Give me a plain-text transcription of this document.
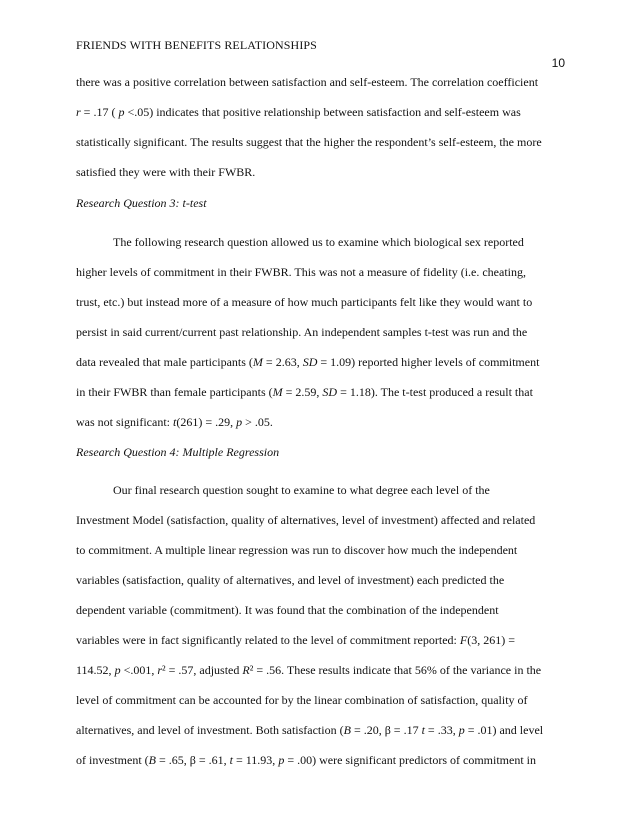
FRIENDS WITH BENEFITS RELATIONSHIPS
10
there was a positive correlation between satisfaction and self-esteem. The correlation coefficient
r = .17 ( p <.05) indicates that positive relationship between satisfaction and self-esteem was
statistically significant. The results suggest that the higher the respondent’s self-esteem, the more
satisfied they were with their FWBR.
Research Question 3: t-test
The following research question allowed us to examine which biological sex reported
higher levels of commitment in their FWBR. This was not a measure of fidelity (i.e. cheating,
trust, etc.) but instead more of a measure of how much participants felt like they would want to
persist in said current/current past relationship. An independent samples t-test was run and the
data revealed that male participants (M = 2.63, SD = 1.09) reported higher levels of commitment
in their FWBR than female participants (M = 2.59, SD = 1.18). The t-test produced a result that
was not significant: t(261) = .29, p > .05.
Research Question 4: Multiple Regression
Our final research question sought to examine to what degree each level of the
Investment Model (satisfaction, quality of alternatives, level of investment) affected and related
to commitment. A multiple linear regression was run to discover how much the independent
variables (satisfaction, quality of alternatives, and level of investment) each predicted the
dependent variable (commitment). It was found that the combination of the independent
variables were in fact significantly related to the level of commitment reported: F(3, 261) =
114.52, p <.001, r² = .57, adjusted R² = .56. These results indicate that 56% of the variance in the
level of commitment can be accounted for by the linear combination of satisfaction, quality of
alternatives, and level of investment. Both satisfaction (B = .20, β = .17 t = .33, p = .01) and level
of investment (B = .65, β = .61, t = 11.93, p = .00) were significant predictors of commitment in
